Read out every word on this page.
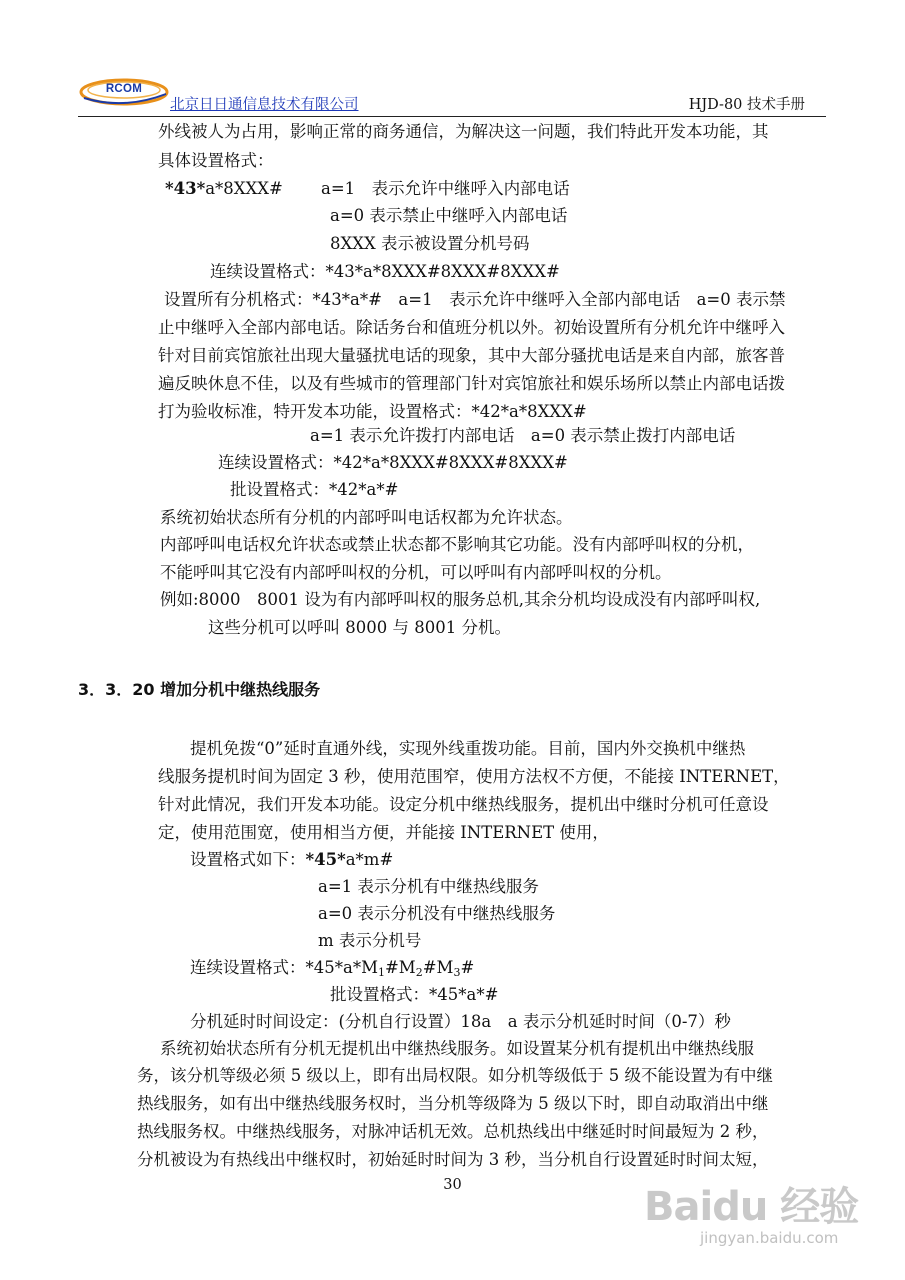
RCOM
北京日日通信息技术有限公司	HJD-80 技术手册
外线被人为占用，影响正常的商务通信，为解决这一问题，我们特此开发本功能，其
具体设置格式：
*43*a*8XXX# a=1　表示允许中继呼入内部电话
a=0 表示禁止中继呼入内部电话
8XXX 表示被设置分机号码
连续设置格式：*43*a*8XXX#8XXX#8XXX#
设置所有分机格式：*43*a*#　a=1　表示允许中继呼入全部内部电话　a=0 表示禁
止中继呼入全部内部电话。除话务台和值班分机以外。初始设置所有分机允许中继呼入
针对目前宾馆旅社出现大量骚扰电话的现象，其中大部分骚扰电话是来自内部，旅客普
遍反映休息不佳，以及有些城市的管理部门针对宾馆旅社和娱乐场所以禁止内部电话拨
打为验收标准，特开发本功能，设置格式：*42*a*8XXX#
a=1 表示允许拨打内部电话　a=0 表示禁止拨打内部电话
连续设置格式：*42*a*8XXX#8XXX#8XXX#
批设置格式：*42*a*#
系统初始状态所有分机的内部呼叫电话权都为允许状态。
内部呼叫电话权允许状态或禁止状态都不影响其它功能。没有内部呼叫权的分机，
不能呼叫其它没有内部呼叫权的分机，可以呼叫有内部呼叫权的分机。
例如:8000　8001 设为有内部呼叫权的服务总机,其余分机均设成没有内部呼叫权,
这些分机可以呼叫 8000 与 8001 分机。
3．3．20 增加分机中继热线服务
提机免拨“0”延时直通外线，实现外线重拨功能。目前，国内外交换机中继热
线服务提机时间为固定 3 秒，使用范围窄，使用方法权不方便，不能接 INTERNET，
针对此情况，我们开发本功能。设定分机中继热线服务，提机出中继时分机可任意设
定，使用范围宽，使用相当方便，并能接 INTERNET 使用，
设置格式如下：*45*a*m#
a=1 表示分机有中继热线服务
a=0 表示分机没有中继热线服务
m 表示分机号
连续设置格式：$*45*a*M_1\#M_2\#M_3\#$
批设置格式：*45*a*#
分机延时时间设定：(分机自行设置）18a　a 表示分机延时时间（0-7）秒
系统初始状态所有分机无提机出中继热线服务。如设置某分机有提机出中继热线服
务，该分机等级必须 5 级以上，即有出局权限。如分机等级低于 5 级不能设置为有中继
热线服务，如有出中继热线服务权时，当分机等级降为 5 级以下时，即自动取消出中继
热线服务权。中继热线服务，对脉冲话机无效。总机热线出中继延时时间最短为 2 秒，
分机被设为有热线出中继权时，初始延时时间为 3 秒，当分机自行设置延时时间太短，
30	Baidu 经验
jingyan.baidu.com
